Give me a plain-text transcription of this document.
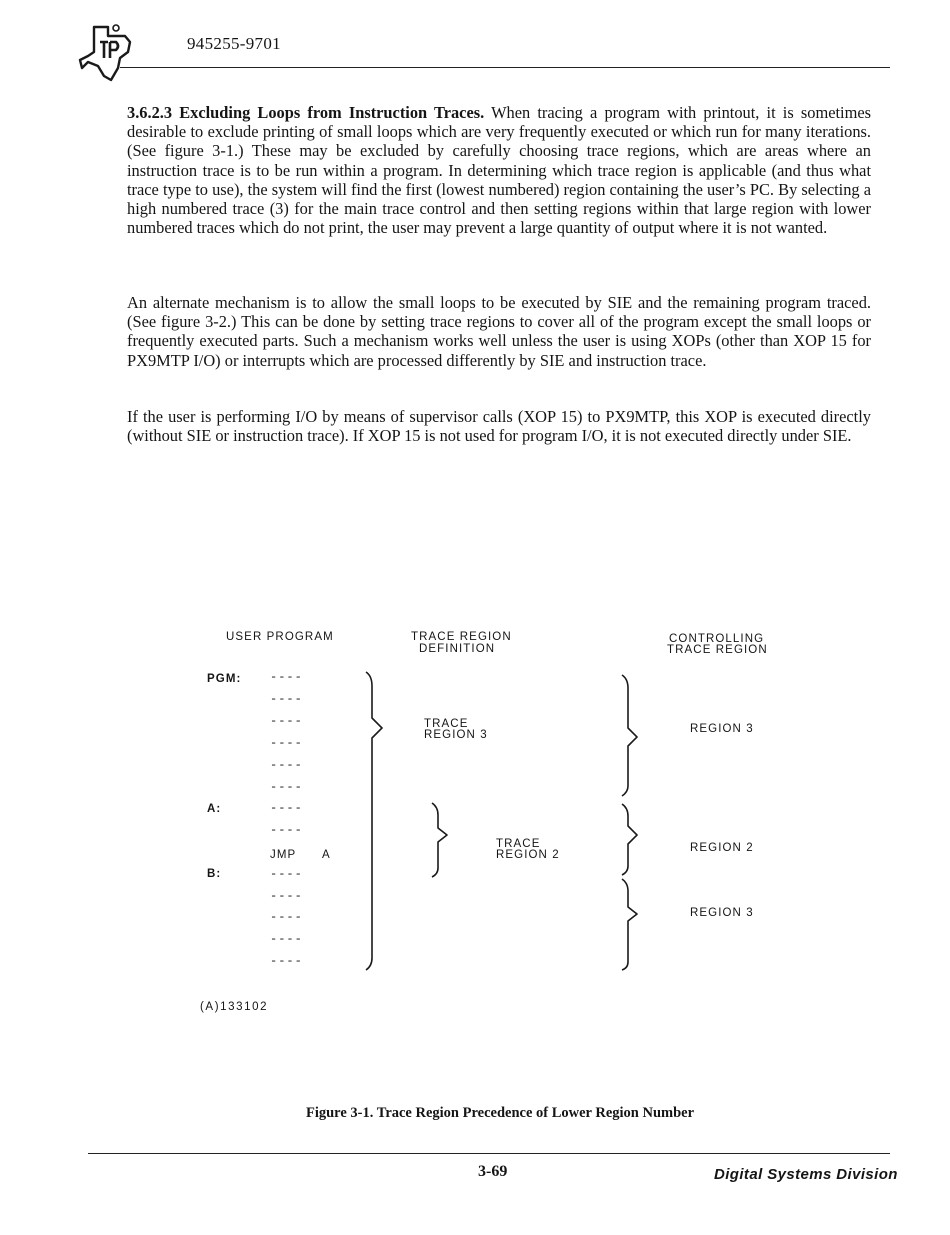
945255-9701
3.6.2.3 Excluding Loops from Instruction Traces. When tracing a program with printout, it is sometimes desirable to exclude printing of small loops which are very frequently executed or which run for many iterations. (See figure 3-1.) These may be excluded by carefully choosing trace regions, which are areas where an instruction trace is to be run within a program. In determining which trace region is applicable (and thus what trace type to use), the system will find the first (lowest numbered) region containing the user’s PC. By selecting a high numbered trace (3) for the main trace control and then setting regions within that large region with lower numbered traces which do not print, the user may prevent a large quantity of output where it is not wanted.
An alternate mechanism is to allow the small loops to be executed by SIE and the remaining program traced. (See figure 3-2.) This can be done by setting trace regions to cover all of the program except the small loops or frequently executed parts. Such a mechanism works well unless the user is using XOPs (other than XOP 15 for PX9MTP I/O) or interrupts which are processed differently by SIE and instruction trace.
If the user is performing I/O by means of supervisor calls (XOP 15) to PX9MTP, this XOP is executed directly (without SIE or instruction trace). If XOP 15 is not used for program I/O, it is not executed directly under SIE.
USER PROGRAM	TRACE REGION
DEFINITION
CONTROLLING
TRACE REGION
PGM:
A:
B:
----
----
----
----
----
----
----
----
JMP A
----
----
----
----
----
TRACE
REGION 3
TRACE
REGION 2
REGION 3
REGION 2
REGION 3
(A)133102
Figure 3-1. Trace Region Precedence of Lower Region Number
3-69	Digital Systems Division
